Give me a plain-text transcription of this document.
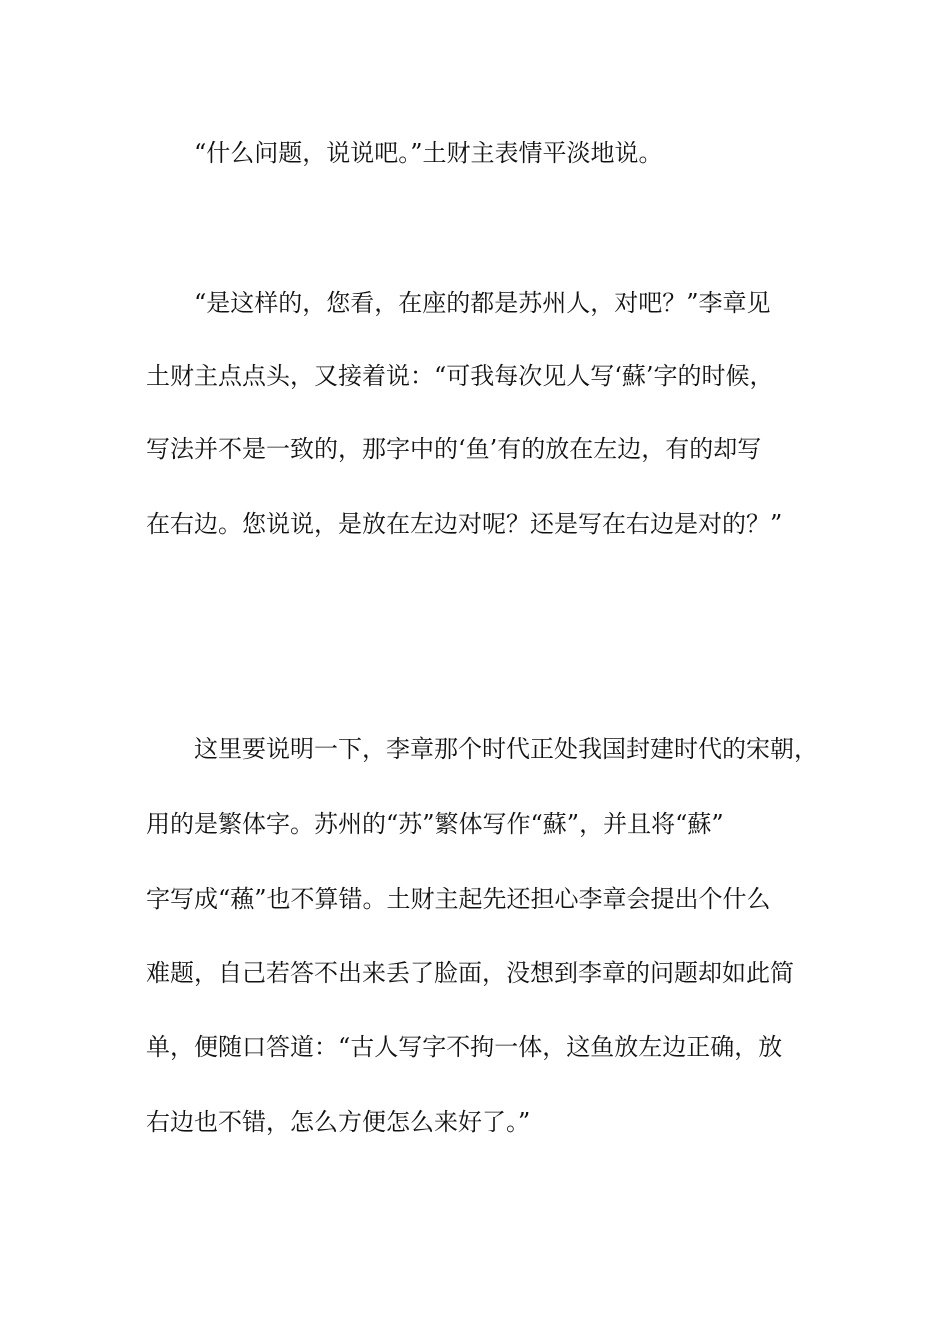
“什么问题，说说吧。”土财主表情平淡地说。

“是这样的，您看，在座的都是苏州人，对吧？”李章见

土财主点点头，又接着说：“可我每次见人写‘蘇’字的时候，

写法并不是一致的，那字中的‘鱼’有的放在左边，有的却写

在右边。您说说，是放在左边对呢？还是写在右边是对的？”

这里要说明一下，李章那个时代正处我国封建时代的宋朝，

用的是繁体字。苏州的“苏”繁体写作“蘇”，并且将“蘇”

字写成“蘓”也不算错。土财主起先还担心李章会提出个什么

难题，自己若答不出来丢了脸面，没想到李章的问题却如此简

单，便随口答道：“古人写字不拘一体，这鱼放左边正确，放

右边也不错，怎么方便怎么来好了。”
